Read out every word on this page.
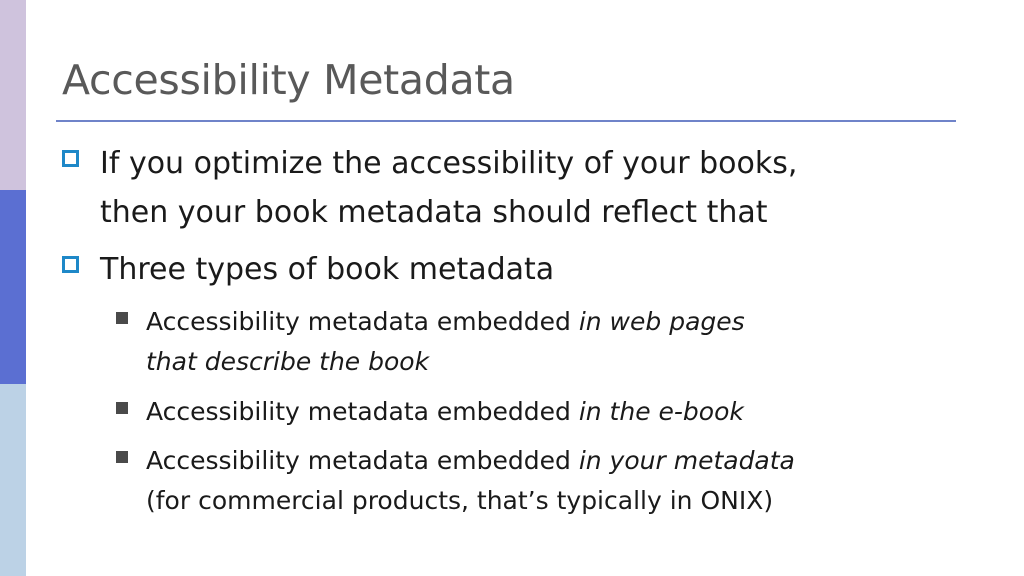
Accessibility Metadata
If you optimize the accessibility of your books,
then your book metadata should reflect that
Three types of book metadata
Accessibility metadata embedded in web pages
that describe the book
Accessibility metadata embedded in the e-book
Accessibility metadata embedded in your metadata
(for commercial products, that’s typically in ONIX)
